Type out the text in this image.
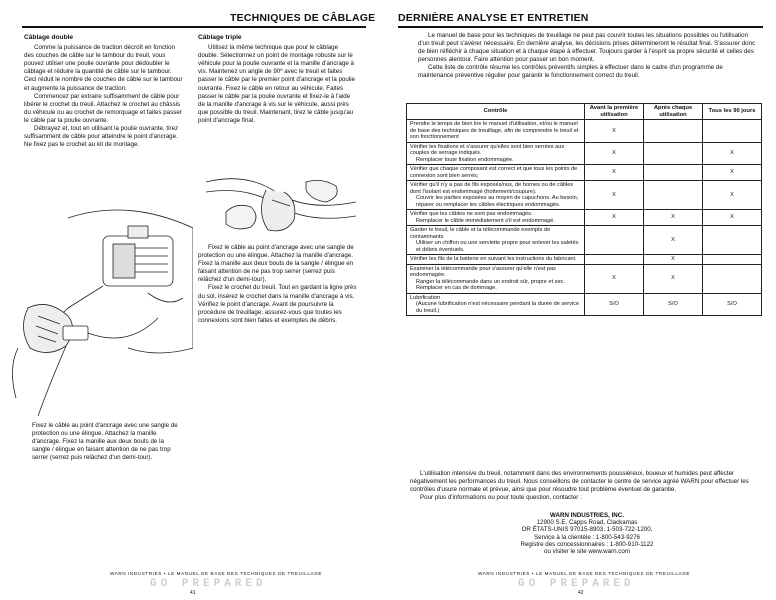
TECHNIQUES DE CÂBLAGE
Câblage double

Comme la puissance de traction décroît en fonction des couches de câble sur le tambour du treuil, vous pouvez utiliser une poulie ouvrante pour dédoubler le câblage et réduire la quantité de câble sur le tambour. Ceci réduit le nombre de couches de câble sur le tambour et augmente la puissance de traction.

Commencez par extraire suffisamment de câble pour libérer le crochet du treuil. Attachez le crochet au châssis du véhicule ou au crochet de remorquage et faites passer le câble par la poulie ouvrante.

Débrayez et, tout en utilisant la poulie ouvrante, tirez suffisamment de câble pour atteindre le point d'ancrage. Ne fixez pas le crochet au kit de montage.

Câblage triple

Utilisez la même technique que pour le câblage double. Sélectionnez un point de montage robuste sur le véhicule pour la poulie ouvrante et la manille d'ancrage à vis. Maintenez un angle de 90º avec le treuil et faites passer le câble par le premier point d'ancrage et la poulie ouvrante. Fixez le câble en retour au véhicule. Faites passer le câble par la poulie ouvrante et fixez-le à l'aide de la manille d'ancrage à vis sur le véhicule, aussi près que possible du treuil. Maintenant, tirez le câble jusqu'au point d'ancrage final.

Fixez le câble au point d'ancrage avec une sangle de protection ou une élingue. Attachez la manille d'ancrage. Fixez la manille aux deux bouts de la sangle / élingue en faisant attention de ne pas trop serrer (serrez puis relâchez d'un demi-tour).

Fixez le crochet du treuil. Tout en gardant la ligne près du sol, insérez le crochet dans la manille d'ancrage à vis. Vérifiez le point d'ancrage. Avant de poursuivre la procédure de treuillage, assurez-vous que toutes les connexions sont bien faites et exemptes de débris.

Fixez le câble au point d'ancrage avec une sangle de protection ou une élingue. Attachez la manille d'ancrage. Fixez la manille aux deux bouts de la sangle / élingue en faisant attention de ne pas trop serrer (serrez puis relâchez d'un demi-tour).

WARN INDUSTRIES • LE MANUEL DE BASE DES TECHNIQUES DE TREUILLAGE
GO PREPARED
41
DERNIÈRE ANALYSE ET ENTRETIEN

Le manuel de base pour les techniques de treuillage ne peut pas couvrir toutes les situations possibles ou l'utilisation d'un treuil peut s'avérer nécessaire. En dernière analyse, les décisions prises détermineront le résultat final. S'assurer donc de bien réfléchir à chaque situation et à chaque étape à effectuer. Toujours garder à l'esprit sa propre sécurité et celles des personnes alentour. Faire attention pour passer un bon moment.

Cette liste de contrôle résume les contrôles préventifs simples à effectuer dans le cadre d'un programme de maintenance préventive régulier pour garantir le fonctionnement correct du treuil.

Contrôle	Avant la première utilisation	Après chaque utilisation	Tous les 90 jours
Prendre le temps de bien lire le manuel d'utilisation, et/ou le manuel de base des techniques de treuillage, afin de comprendre le treuil et son fonctionnement	X		
Vérifier les fixations et s'assurer qu'elles sont bien serrées aux couples de serrage indiqués.
Remplacer toute fixation endommagée.	X		X
Vérifier que chaque composant est correct et que tous les points de connexion sont bien serrés;	X		X
Vérifier qu'il n'y a pas de fils exposés/nus, de bornes ou de câbles dont l'isolant est endommagé (frottement/coupure).
Couvrir les parties exposées au moyen de capuchons. Au besoin, réparer ou remplacer les câbles électriques endommagés.	X		X
Vérifier que les câbles ne sont pas endommagés.
Remplacer le câble immédiatement s'il est endommagé.	X	X	X
Garder le treuil, le câble et la télécommande exempts de contaminants.
Utiliser un chiffon ou une serviette propre pour enlever les saletés et débris éventuels.		X	
Vérifier les fils de la batterie en suivant les instructions du fabricant.		X	
Examiner la télécommande pour s'assurer qu'elle n'est pas endommagée.
Ranger la télécommande dans un endroit sûr, propre et sec. Remplacer en cas de dommage.	X	X	
Lubrification
(Aucune lubrification n'est nécessaire pendant la durée de service du treuil.)	S/O	S/O	S/O

L'utilisation intensive du treuil, notamment dans des environnements poussiéreux, boueux et humides peut affecter négativement les performances du treuil. Nous conseillons de contacter le centre de service agréé WARN pour effectuer les contrôles d'usure normale et prévue, ainsi que pour résoudre tout problème éventuel de garantie.

Pour plus d'informations ou pour toute question, contacter :

WARN INDUSTRIES, INC.
12900 S.E. Capps Road, Clackamas
OR ÉTATS-UNIS 97015-8903, 1-503-722-1200,
Service à la clientèle : 1-800-543-9276
Registre des concessionnaires : 1-800-910-1122
ou visiter le site www.warn.com
WARN INDUSTRIES • LE MANUEL DE BASE DES TECHNIQUES DE TREUILLAGE
GO PREPARED
42
